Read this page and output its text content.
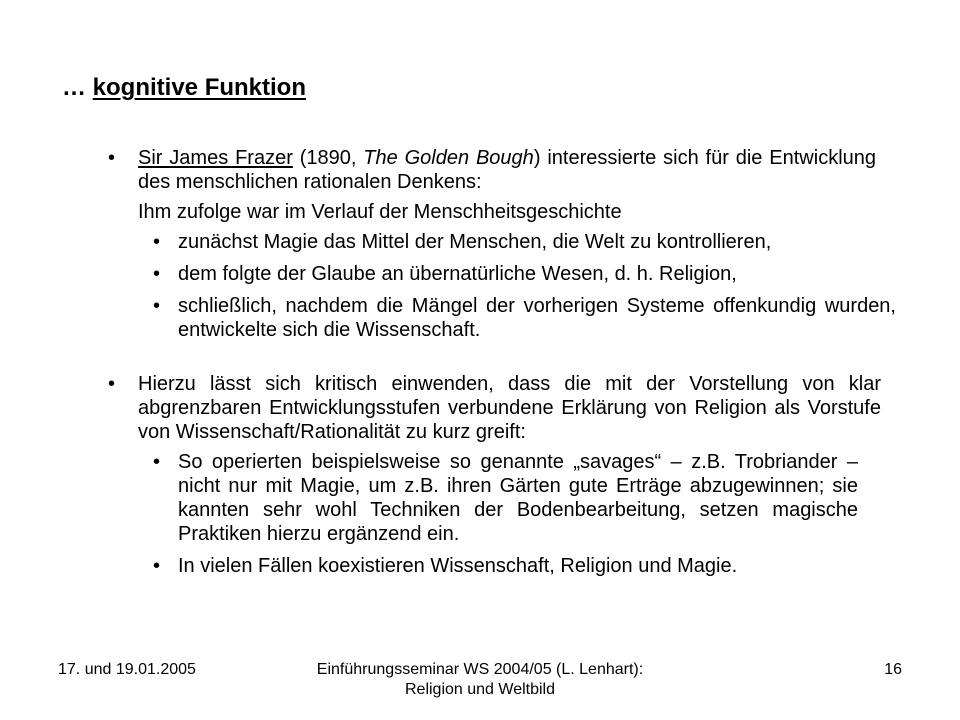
… kognitive Funktion
• Sir James Frazer (1890, The Golden Bough) interessierte sich für die Entwicklung des menschlichen rationalen Denkens:
Ihm zufolge war im Verlauf der Menschheitsgeschichte
• zunächst Magie das Mittel der Menschen, die Welt zu kontrollieren,
• dem folgte der Glaube an übernatürliche Wesen, d. h. Religion,
• schließlich, nachdem die Mängel der vorherigen Systeme offenkundig wurden, entwickelte sich die Wissenschaft.
• Hierzu lässt sich kritisch einwenden, dass die mit der Vorstellung von klar abgrenzbaren Entwicklungsstufen verbundene Erklärung von Religion als Vorstufe von Wissenschaft/Rationalität zu kurz greift:
• So operierten beispielsweise so genannte „savages“ – z.B. Trobriander – nicht nur mit Magie, um z.B. ihren Gärten gute Erträge abzugewinnen; sie kannten sehr wohl Techniken der Bodenbearbeitung, setzen magische Praktiken hierzu ergänzend ein.
• In vielen Fällen koexistieren Wissenschaft, Religion und Magie.
17. und 19.01.2005	Einführungsseminar WS 2004/05 (L. Lenhart):
Religion und Weltbild
16
